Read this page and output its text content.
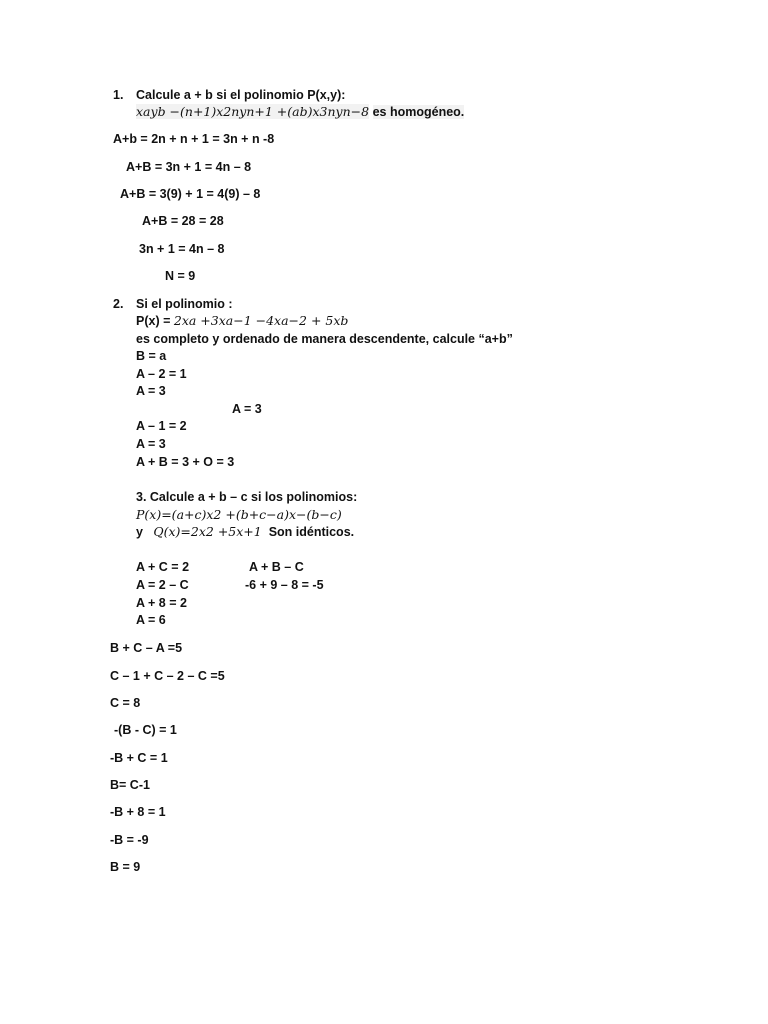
1. Calcule a + b si el polinomio P(x,y):
𝑥𝑎𝑦𝑏 −(𝑛+1)𝑥2𝑛𝑦𝑛+1 +(𝑎𝑏)𝑥3𝑛𝑦𝑛−8 es homogéneo.
A+b = 2n + n + 1 = 3n + n -8
A+B = 3n + 1 = 4n – 8
A+B = 3(9) + 1 = 4(9) – 8
A+B = 28 = 28
3n + 1 = 4n – 8
N = 9
2. Si el polinomio :
P(x) = 2𝑥𝑎 +3𝑥𝑎−1 −4𝑥𝑎−2 + 5𝑥𝑏
es completo y ordenado de manera descendente, calcule “a+b”
B = a
A – 2 = 1
A = 3
A = 3
A – 1 = 2
A = 3
A + B = 3 + O = 3
3. Calcule a + b – c si los polinomios:
𝑃(𝑥)=(𝑎+𝑐)𝑥2 +(𝑏+𝑐−𝑎)𝑥−(𝑏−𝑐)
y 𝑄(𝑥)=2𝑥2 +5𝑥+1 Son idénticos.
A + C = 2
A = 2 – C
A + 8 = 2
A = 6
A + B – C
-6 + 9 – 8 = -5
B + C – A =5
C – 1 + C – 2 – C =5
C = 8
-(B - C) = 1
-B + C = 1
B= C-1
-B + 8 = 1
-B = -9
B = 9
